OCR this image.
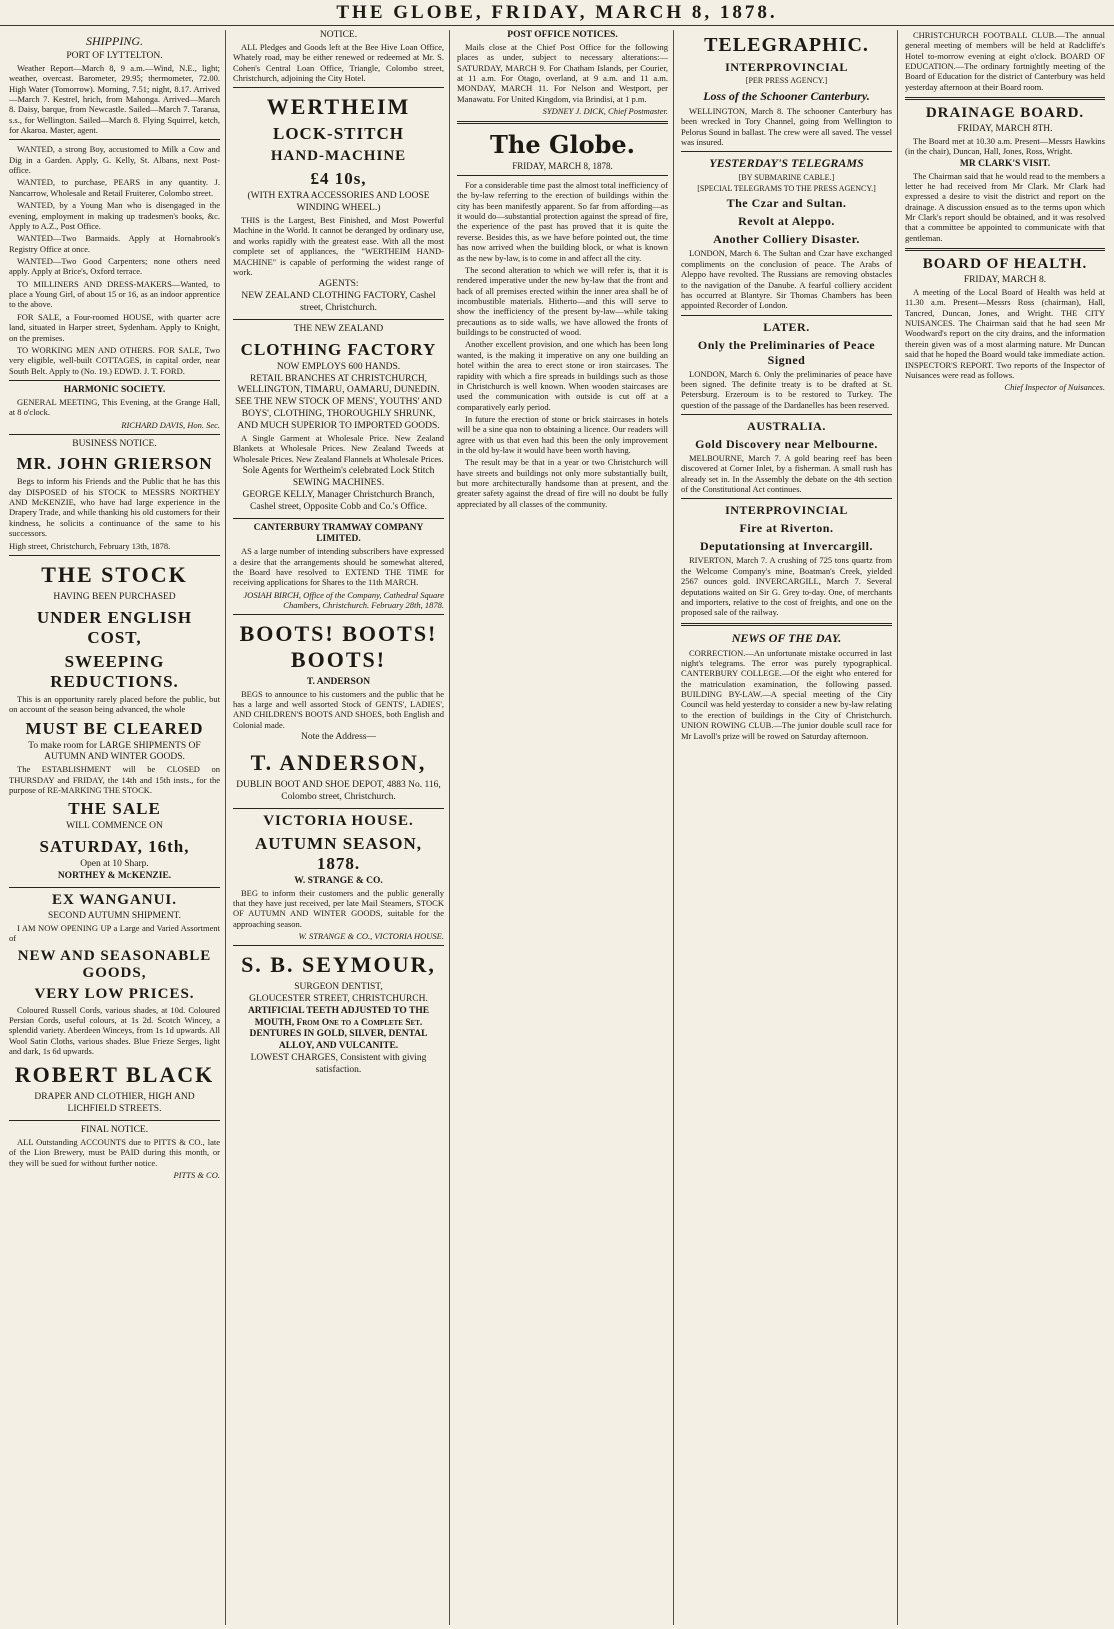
THE GLOBE, FRIDAY, MARCH 8, 1878.
SHIPPING.
PORT OF LYTTELTON.

Weather Report—March 8, 9 a.m.—Wind, N.E., light; weather, overcast. Barometer, 29.95; thermometer, 72.00. High Water (Tomorrow). Morning, 7.51; night, 8.17. Arrived—March 7. Kestrel, hrich, from Mahonga. Arrived—March 8. Daisy, barque, from Newcastle. Sailed—March 7. Tararua, s.s., for Wellington. Sailed—March 8. Flying Squirrel, ketch, for Akaroa. Master, agent.

WANTED, a strong Boy, accustomed to Milk a Cow and Dig in a Garden. Apply, G. Kelly, St. Albans, next Post-office.

WANTED, to purchase, PEARS in any quantity. J. Nancarrow, Wholesale and Retail Fruiterer, Colombo street.

WANTED, by a Young Man who is disengaged in the evening, employment in making up tradesmen's books, &c. Apply to A.Z., Post Office.

WANTED—Two Barmaids. Apply at Hornabrook's Registry Office at once.

WANTED—Two Good Carpenters; none others need apply. Apply at Brice's, Oxford terrace.

TO MILLINERS AND DRESS-MAKERS—Wanted, to place a Young Girl, of about 15 or 16, as an indoor apprentice to the above.

FOR SALE, a Four-roomed HOUSE, with quarter acre land, situated in Harper street, Sydenham. Apply to Knight, on the premises.

TO WORKING MEN AND OTHERS. FOR SALE, Two very eligible, well-built COTTAGES, in capital order, near South Belt. Apply to (No. 19.) EDWD. J. T. FORD.

HARMONIC SOCIETY.

GENERAL MEETING, This Evening, at the Grange Hall, at 8 o'clock.

RICHARD DAVIS, Hon. Sec.
BUSINESS NOTICE.
MR. JOHN GRIERSON

Begs to inform his Friends and the Public that he has this day DISPOSED of his STOCK to MESSRS NORTHEY AND McKENZIE, who have had large experience in the Drapery Trade, and while thanking his old customers for their kindness, he solicits a continuance of the same to his successors.

High street, Christchurch, February 13th, 1878.
THE STOCK
HAVING BEEN PURCHASED
UNDER ENGLISH COST,
SWEEPING REDUCTIONS.

This is an opportunity rarely placed before the public, but on account of the season being advanced, the whole

MUST BE CLEARED
To make room for LARGE SHIPMENTS OF AUTUMN AND WINTER GOODS.

The ESTABLISHMENT will be CLOSED on THURSDAY and FRIDAY, the 14th and 15th insts., for the purpose of RE-MARKING THE STOCK.

THE SALE
WILL COMMENCE ON
SATURDAY, 16th,
Open at 10 Sharp.
NORTHEY & McKENZIE.
EX WANGANUI.
SECOND AUTUMN SHIPMENT.

I AM NOW OPENING UP a Large and Varied Assortment of

NEW AND SEASONABLE GOODS,
VERY LOW PRICES.

Coloured Russell Cords, various shades, at 10d. Coloured Persian Cords, useful colours, at 1s 2d. Scotch Wincey, a splendid variety. Aberdeen Winceys, from 1s 1d upwards. All Wool Satin Cloths, various shades. Blue Frieze Serges, light and dark, 1s 6d upwards.

ROBERT BLACK
DRAPER AND CLOTHIER, HIGH AND LICHFIELD STREETS.
FINAL NOTICE.

ALL Outstanding ACCOUNTS due to PITTS & CO., late of the Lion Brewery, must be PAID during this month, or they will be sued for without further notice.

PITTS & CO.
NOTICE.

ALL Pledges and Goods left at the Bee Hive Loan Office, Whately road, may be either renewed or redeemed at Mr. S. Cohen's Central Loan Office, Triangle, Colombo street, Christchurch, adjoining the City Hotel.

WERTHEIM
LOCK-STITCH
HAND-MACHINE
£4 10s,
(WITH EXTRA ACCESSORIES AND LOOSE WINDING WHEEL.)

THIS is the Largest, Best Finished, and Most Powerful Machine in the World. It cannot be deranged by ordinary use, and works rapidly with the greatest ease. With all the most complete set of appliances, the "WERTHEIM HAND-MACHINE" is capable of performing the widest range of work.

AGENTS:
NEW ZEALAND CLOTHING FACTORY, Cashel street, Christchurch.
THE NEW ZEALAND
CLOTHING FACTORY
NOW EMPLOYS 600 HANDS.
RETAIL BRANCHES AT CHRISTCHURCH, WELLINGTON, TIMARU, OAMARU, DUNEDIN.
SEE THE NEW STOCK OF MENS', YOUTHS' AND BOYS', CLOTHING, THOROUGHLY SHRUNK, AND MUCH SUPERIOR TO IMPORTED GOODS.

A Single Garment at Wholesale Price. New Zealand Blankets at Wholesale Prices. New Zealand Tweeds at Wholesale Prices. New Zealand Flannels at Wholesale Prices.

Sole Agents for Wertheim's celebrated Lock Stitch SEWING MACHINES.
GEORGE KELLY, Manager Christchurch Branch, Cashel street, Opposite Cobb and Co.'s Office.
CANTERBURY TRAMWAY COMPANY LIMITED.

AS a large number of intending subscribers have expressed a desire that the arrangements should be somewhat altered, the Board have resolved to EXTEND THE TIME for receiving applications for Shares to the 11th MARCH.

JOSIAH BIRCH, Office of the Company, Cathedral Square Chambers, Christchurch. February 28th, 1878.
BOOTS! BOOTS! BOOTS!
T. ANDERSON

BEGS to announce to his customers and the public that he has a large and well assorted Stock of GENTS', LADIES', AND CHILDREN'S BOOTS AND SHOES, both English and Colonial made.

Note the Address—
T. ANDERSON,
DUBLIN BOOT AND SHOE DEPOT, 4883 No. 116, Colombo street, Christchurch.
VICTORIA HOUSE.
AUTUMN SEASON, 1878.
W. STRANGE & CO.

BEG to inform their customers and the public generally that they have just received, per late Mail Steamers, STOCK OF AUTUMN AND WINTER GOODS, suitable for the approaching season.

W. STRANGE & CO., VICTORIA HOUSE.
S. B. SEYMOUR,
SURGEON DENTIST,
GLOUCESTER STREET, CHRISTCHURCH.
ARTIFICIAL TEETH ADJUSTED TO THE MOUTH, From One to a Complete Set.
DENTURES IN GOLD, SILVER, DENTAL ALLOY, AND VULCANITE.
LOWEST CHARGES, Consistent with giving satisfaction.
POST OFFICE NOTICES.

Mails close at the Chief Post Office for the following places as under, subject to necessary alterations:— SATURDAY, MARCH 9. For Chatham Islands, per Courier, at 11 a.m. For Otago, overland, at 9 a.m. and 11 a.m. MONDAY, MARCH 11. For Nelson and Westport, per Manawatu. For United Kingdom, via Brindisi, at 1 p.m.

SYDNEY J. DICK, Chief Postmaster.
The Globe.
FRIDAY, MARCH 8, 1878.

For a considerable time past the almost total inefficiency of the by-law referring to the erection of buildings within the city has been manifestly apparent. So far from affording—as it would do—substantial protection against the spread of fire, the experience of the past has proved that it is quite the reverse. Besides this, as we have before pointed out, the time has now arrived when the building block, or what is known as the new by-law, is to come in and affect all the city.

The second alteration to which we will refer is, that it is rendered imperative under the new by-law that the front and back of all premises erected within the inner area shall be of incombustible materials. Hitherto—and this will serve to show the inefficiency of the present by-law—while taking precautions as to side walls, we have allowed the fronts of buildings to be constructed of wood.

Another excellent provision, and one which has been long wanted, is the making it imperative on any one building an hotel within the area to erect stone or iron staircases. The rapidity with which a fire spreads in buildings such as those in Christchurch is well known. When wooden staircases are used the communication with outside is cut off at a comparatively early period.

In future the erection of stone or brick staircases in hotels will be a sine qua non to obtaining a licence. Our readers will agree with us that even had this been the only improvement in the old by-law it would have been worth having.

The result may be that in a year or two Christchurch will have streets and buildings not only more substantially built, but more architecturally handsome than at present, and the greater safety against the dread of fire will no doubt be fully appreciated by all classes of the community.

TELEGRAPHIC.
INTERPROVINCIAL
[PER PRESS AGENCY.]
Loss of the Schooner Canterbury.

WELLINGTON, March 8. The schooner Canterbury has been wrecked in Tory Channel, going from Wellington to Pelorus Sound in ballast. The crew were all saved. The vessel was insured.

YESTERDAY'S TELEGRAMS
[BY SUBMARINE CABLE.]
[SPECIAL TELEGRAMS TO THE PRESS AGENCY.]
The Czar and Sultan.
Revolt at Aleppo.
Another Colliery Disaster.

LONDON, March 6. The Sultan and Czar have exchanged compliments on the conclusion of peace. The Arabs of Aleppo have revolted. The Russians are removing obstacles to the navigation of the Danube. A fearful colliery accident has occurred at Blantyre. Sir Thomas Chambers has been appointed Recorder of London.

LATER.
Only the Preliminaries of Peace Signed

LONDON, March 6. Only the preliminaries of peace have been signed. The definite treaty is to be drafted at St. Petersburg. Erzeroum is to be restored to Turkey. The question of the passage of the Dardanelles has been reserved.

AUSTRALIA.
Gold Discovery near Melbourne.

MELBOURNE, March 7. A gold bearing reef has been discovered at Corner Inlet, by a fisherman. A small rush has already set in. In the Assembly the debate on the 4th section of the Constitutional Act continues.

INTERPROVINCIAL
Fire at Riverton.
Deputationsing at Invercargill.

RIVERTON, March 7. A crushing of 725 tons quartz from the Welcome Company's mine, Boatman's Creek, yielded 2567 ounces gold. INVERCARGILL, March 7. Several deputations waited on Sir G. Grey to-day. One, of merchants and importers, relative to the cost of freights, and one on the proposed sale of the railway.

NEWS OF THE DAY.

CORRECTION.—An unfortunate mistake occurred in last night's telegrams. The error was purely typographical. CANTERBURY COLLEGE.—Of the eight who entered for the matriculation examination, the following passed. BUILDING BY-LAW.—A special meeting of the City Council was held yesterday to consider a new by-law relating to the erection of buildings in the City of Christchurch. UNION ROWING CLUB.—The junior double scull race for Mr Lavoll's prize will be rowed on Saturday afternoon.

CHRISTCHURCH FOOTBALL CLUB.—The annual general meeting of members will be held at Radcliffe's Hotel to-morrow evening at eight o'clock. BOARD OF EDUCATION.—The ordinary fortnightly meeting of the Board of Education for the district of Canterbury was held yesterday afternoon at their Board room.

DRAINAGE BOARD.
FRIDAY, MARCH 8TH.

The Board met at 10.30 a.m. Present—Messrs Hawkins (in the chair), Duncan, Hall, Jones, Ross, Wright.

MR CLARK'S VISIT.

The Chairman said that he would read to the members a letter he had received from Mr Clark. Mr Clark had expressed a desire to visit the district and report on the drainage. A discussion ensued as to the terms upon which Mr Clark's report should be obtained, and it was resolved that a committee be appointed to communicate with that gentleman.

BOARD OF HEALTH.
FRIDAY, MARCH 8.

A meeting of the Local Board of Health was held at 11.30 a.m. Present—Messrs Ross (chairman), Hall, Tancred, Duncan, Jones, and Wright. THE CITY NUISANCES. The Chairman said that he had seen Mr Woodward's report on the city drains, and the information therein given was of a most alarming nature. Mr Duncan said that he hoped the Board would take immediate action. INSPECTOR'S REPORT. Two reports of the Inspector of Nuisances were read as follows.

Chief Inspector of Nuisances.
